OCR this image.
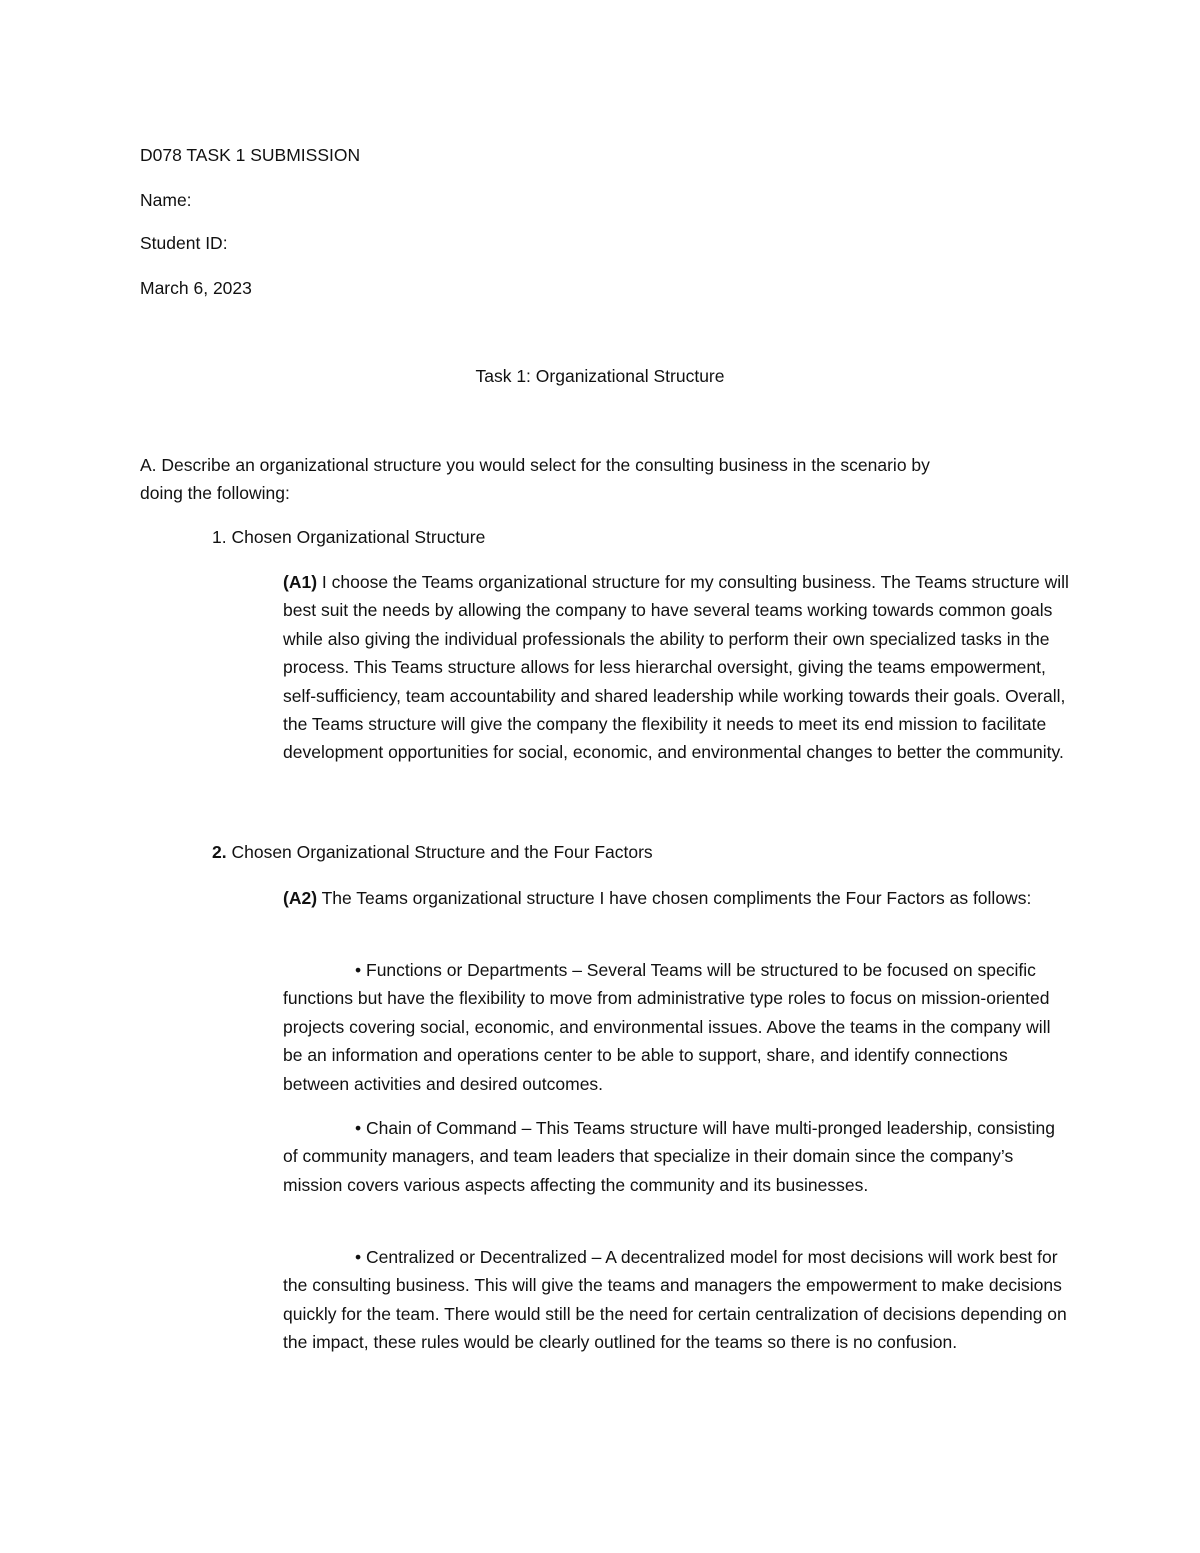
D078 TASK 1 SUBMISSION

Name:

Student ID:

March 6, 2023

Task 1: Organizational Structure

A. Describe an organizational structure you would select for the consulting business in the scenario by

doing the following:

1. Chosen Organizational Structure

(A1) I choose the Teams organizational structure for my consulting business. The Teams structure will best suit the needs by allowing the company to have several teams working towards common goals while also giving the individual professionals the ability to perform their own specialized tasks in the process. This Teams structure allows for less hierarchal oversight, giving the teams empowerment, self-sufficiency, team accountability and shared leadership while working towards their goals. Overall, the Teams structure will give the company the flexibility it needs to meet its end mission to facilitate development opportunities for social, economic, and environmental changes to better the community.

2. Chosen Organizational Structure and the Four Factors

(A2) The Teams organizational structure I have chosen compliments the Four Factors as follows:

• Functions or Departments – Several Teams will be structured to be focused on specific functions but have the flexibility to move from administrative type roles to focus on mission-oriented projects covering social, economic, and environmental issues. Above the teams in the company will be an information and operations center to be able to support, share, and identify connections between activities and desired outcomes.

• Chain of Command – This Teams structure will have multi-pronged leadership, consisting of community managers, and team leaders that specialize in their domain since the company’s mission covers various aspects affecting the community and its businesses.

• Centralized or Decentralized – A decentralized model for most decisions will work best for the consulting business. This will give the teams and managers the empowerment to make decisions quickly for the team. There would still be the need for certain centralization of decisions depending on the impact, these rules would be clearly outlined for the teams so there is no confusion.
